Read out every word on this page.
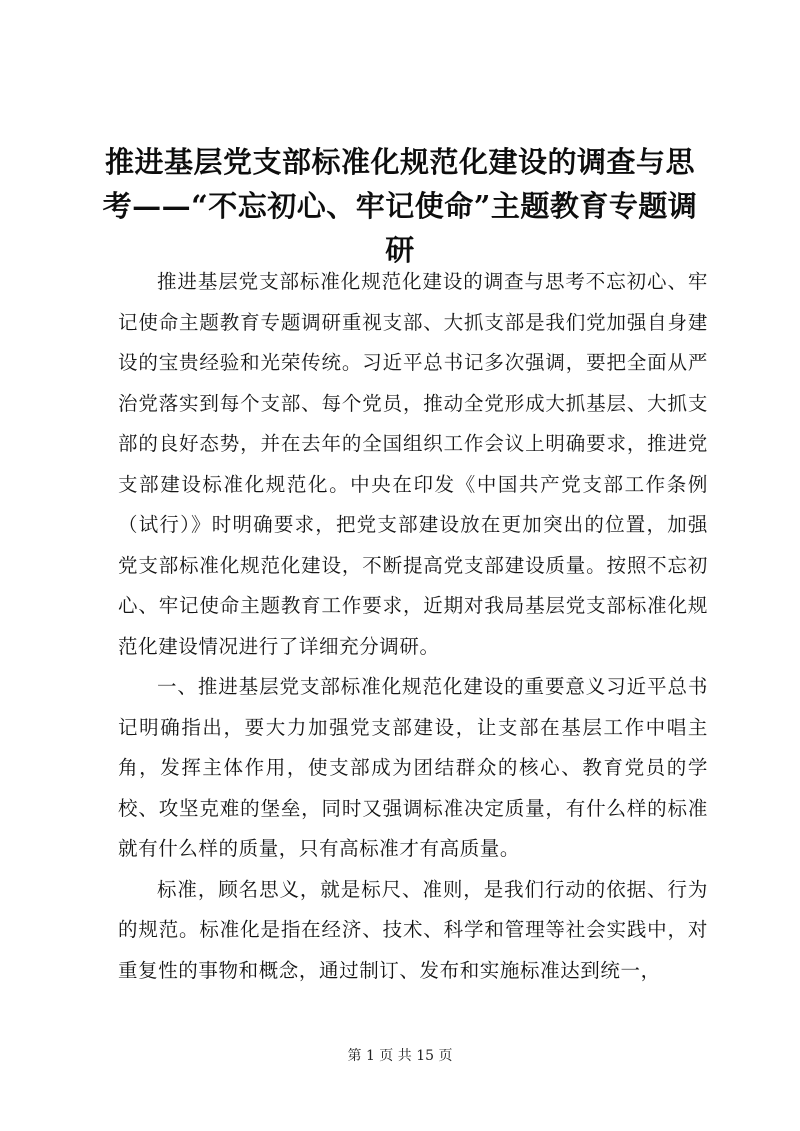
推进基层党支部标准化规范化建设的调查与思考——“不忘初心、牢记使命”主题教育专题调研

推进基层党支部标准化规范化建设的调查与思考不忘初心、牢记使命主题教育专题调研重视支部、大抓支部是我们党加强自身建设的宝贵经验和光荣传统。习近平总书记多次强调，要把全面从严治党落实到每个支部、每个党员，推动全党形成大抓基层、大抓支部的良好态势，并在去年的全国组织工作会议上明确要求，推进党支部建设标准化规范化。中央在印发《中国共产党支部工作条例（试行）》时明确要求，把党支部建设放在更加突出的位置，加强党支部标准化规范化建设，不断提高党支部建设质量。按照不忘初心、牢记使命主题教育工作要求，近期对我局基层党支部标准化规范化建设情况进行了详细充分调研。

一、推进基层党支部标准化规范化建设的重要意义习近平总书记明确指出，要大力加强党支部建设，让支部在基层工作中唱主角，发挥主体作用，使支部成为团结群众的核心、教育党员的学校、攻坚克难的堡垒，同时又强调标准决定质量，有什么样的标准就有什么样的质量，只有高标准才有高质量。

标准，顾名思义，就是标尺、准则，是我们行动的依据、行为的规范。标准化是指在经济、技术、科学和管理等社会实践中，对重复性的事物和概念，通过制订、发布和实施标准达到统一，

第 1 页 共 15 页
